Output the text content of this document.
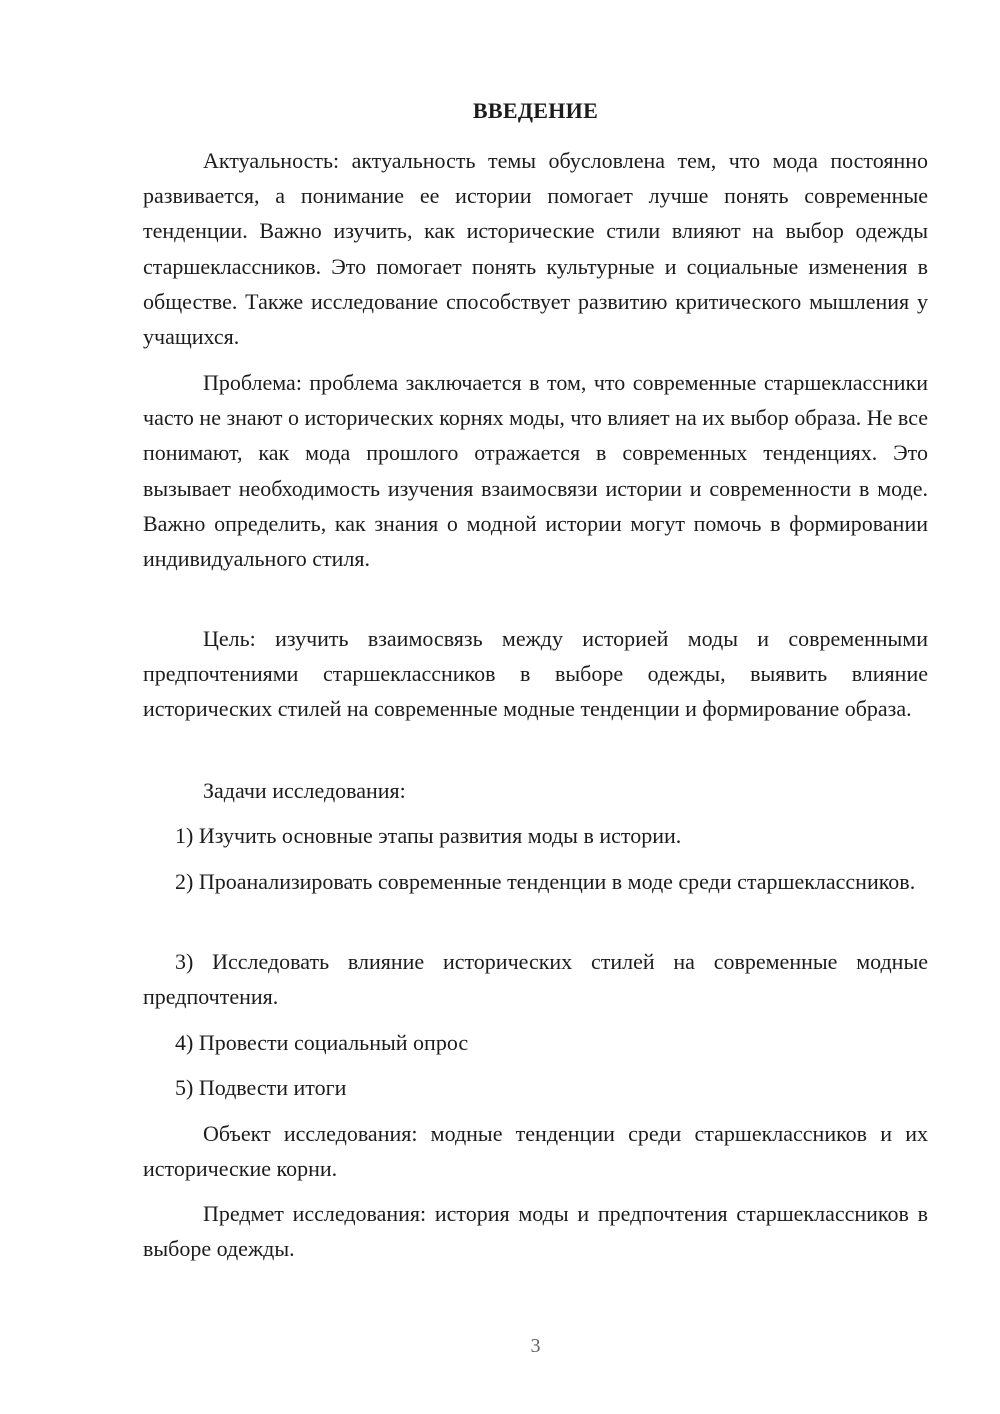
ВВЕДЕНИЕ

Актуальность: актуальность темы обусловлена тем, что мода постоянно развивается, а понимание ее истории помогает лучше понять современные тенденции. Важно изучить, как исторические стили влияют на выбор одежды старшеклассников. Это помогает понять культурные и социальные изменения в обществе. Также исследование способствует развитию критического мышления у учащихся.

Проблема: проблема заключается в том, что современные старшеклассники часто не знают о исторических корнях моды, что влияет на их выбор образа. Не все понимают, как мода прошлого отражается в современных тенденциях. Это вызывает необходимость изучения взаимосвязи истории и современности в моде. Важно определить, как знания о модной истории могут помочь в формировании индивидуального стиля.

Цель: изучить взаимосвязь между историей моды и современными предпочтениями старшеклассников в выборе одежды, выявить влияние исторических стилей на современные модные тенденции и формирование образа.

Задачи исследования:

1) Изучить основные этапы развития моды в истории.

2) Проанализировать современные тенденции в моде среди старшеклассников.

3) Исследовать влияние исторических стилей на современные модные предпочтения.

4) Провести социальный опрос

5) Подвести итоги

Объект исследования: модные тенденции среди старшеклассников и их исторические корни.

Предмет исследования: история моды и предпочтения старшеклассников в выборе одежды.

3
